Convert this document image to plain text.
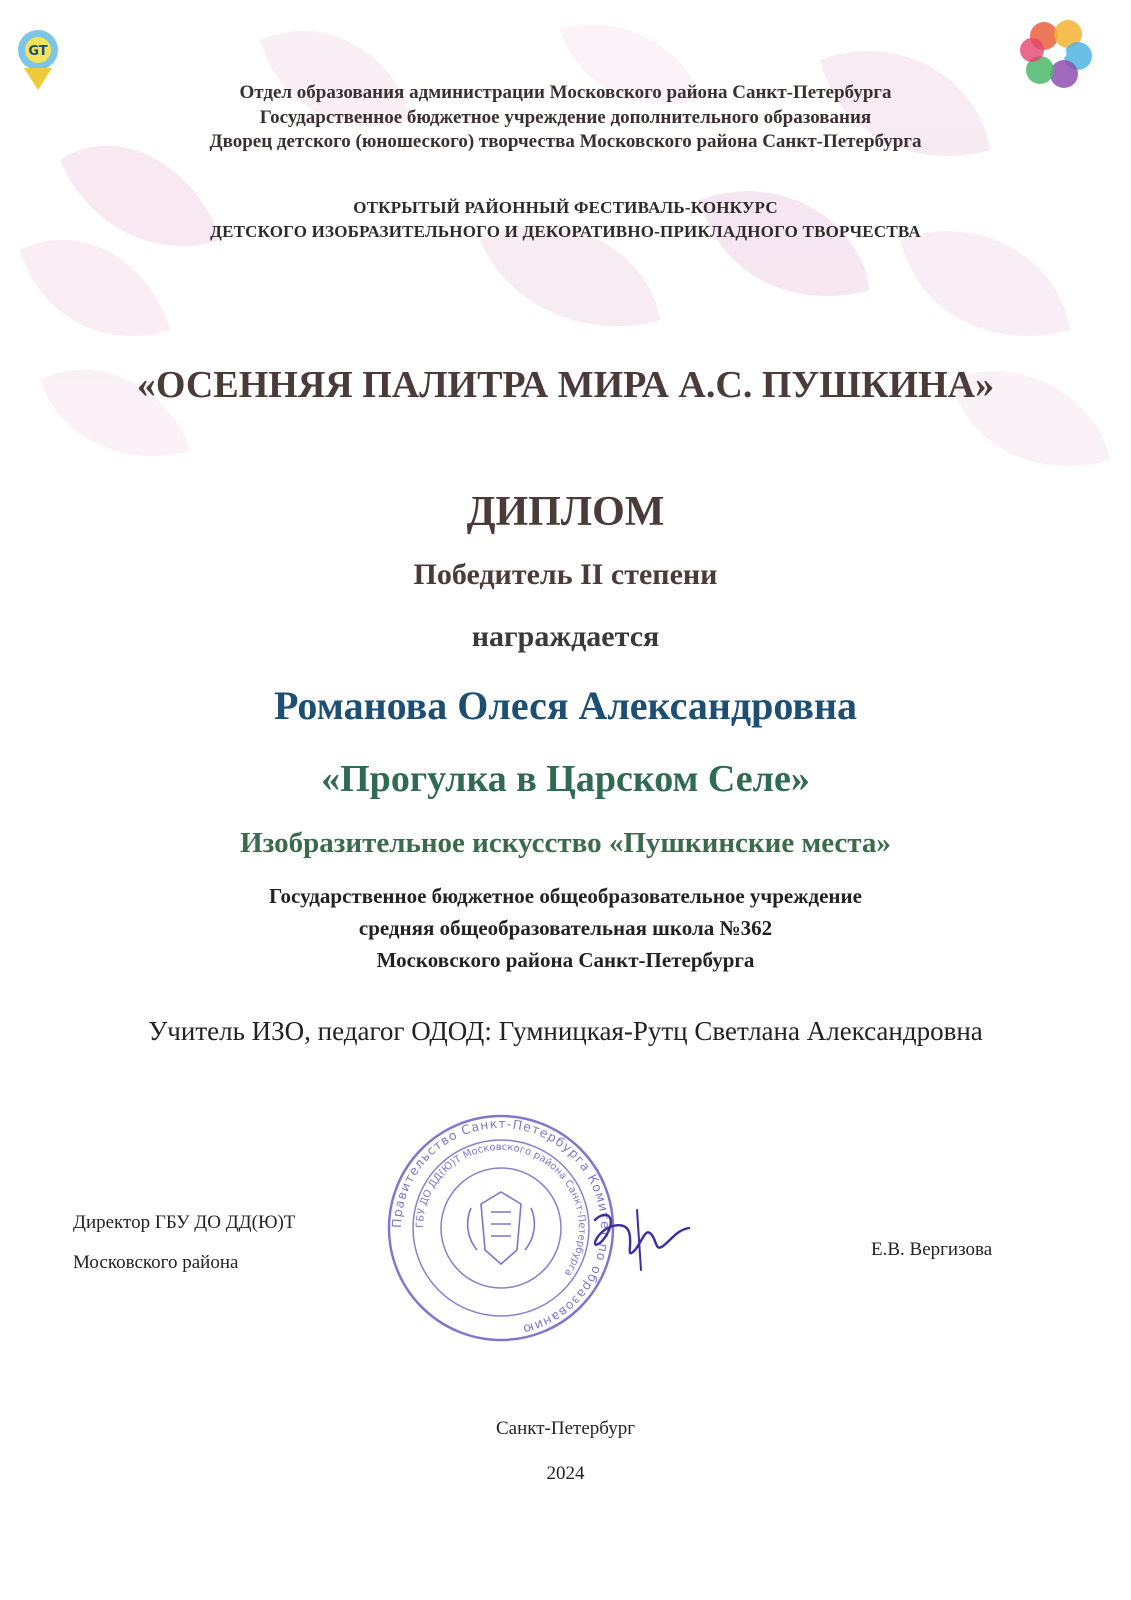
GT	30
Отдел образования администрации Московского района Санкт-Петербурга
Государственное бюджетное учреждение дополнительного образования
Дворец детского (юношеского) творчества Московского района Санкт-Петербурга
ОТКРЫТЫЙ РАЙОННЫЙ ФЕСТИВАЛЬ-КОНКУРС
ДЕТСКОГО ИЗОБРАЗИТЕЛЬНОГО И ДЕКОРАТИВНО-ПРИКЛАДНОГО ТВОРЧЕСТВА
«ОСЕННЯЯ ПАЛИТРА МИРА А.С. ПУШКИНА»
ДИПЛОМ
Победитель II степени
награждается
Романова Олеся Александровна
«Прогулка в Царском Селе»
Изобразительное искусство «Пушкинские места»
Государственное бюджетное общеобразовательное учреждение
средняя общеобразовательная школа №362
Московского района Санкт-Петербурга
Учитель ИЗО, педагог ОДОД: Гумницкая-Рутц Светлана Александровна
Правительство Санкт-Петербурга Комитет по образованию
ГБУ ДО ДД(Ю)Т Московского района Санкт-Петербурга
Директор ГБУ ДО ДД(Ю)Т
Московского района
Е.В. Вергизова
Санкт-Петербург
2024
